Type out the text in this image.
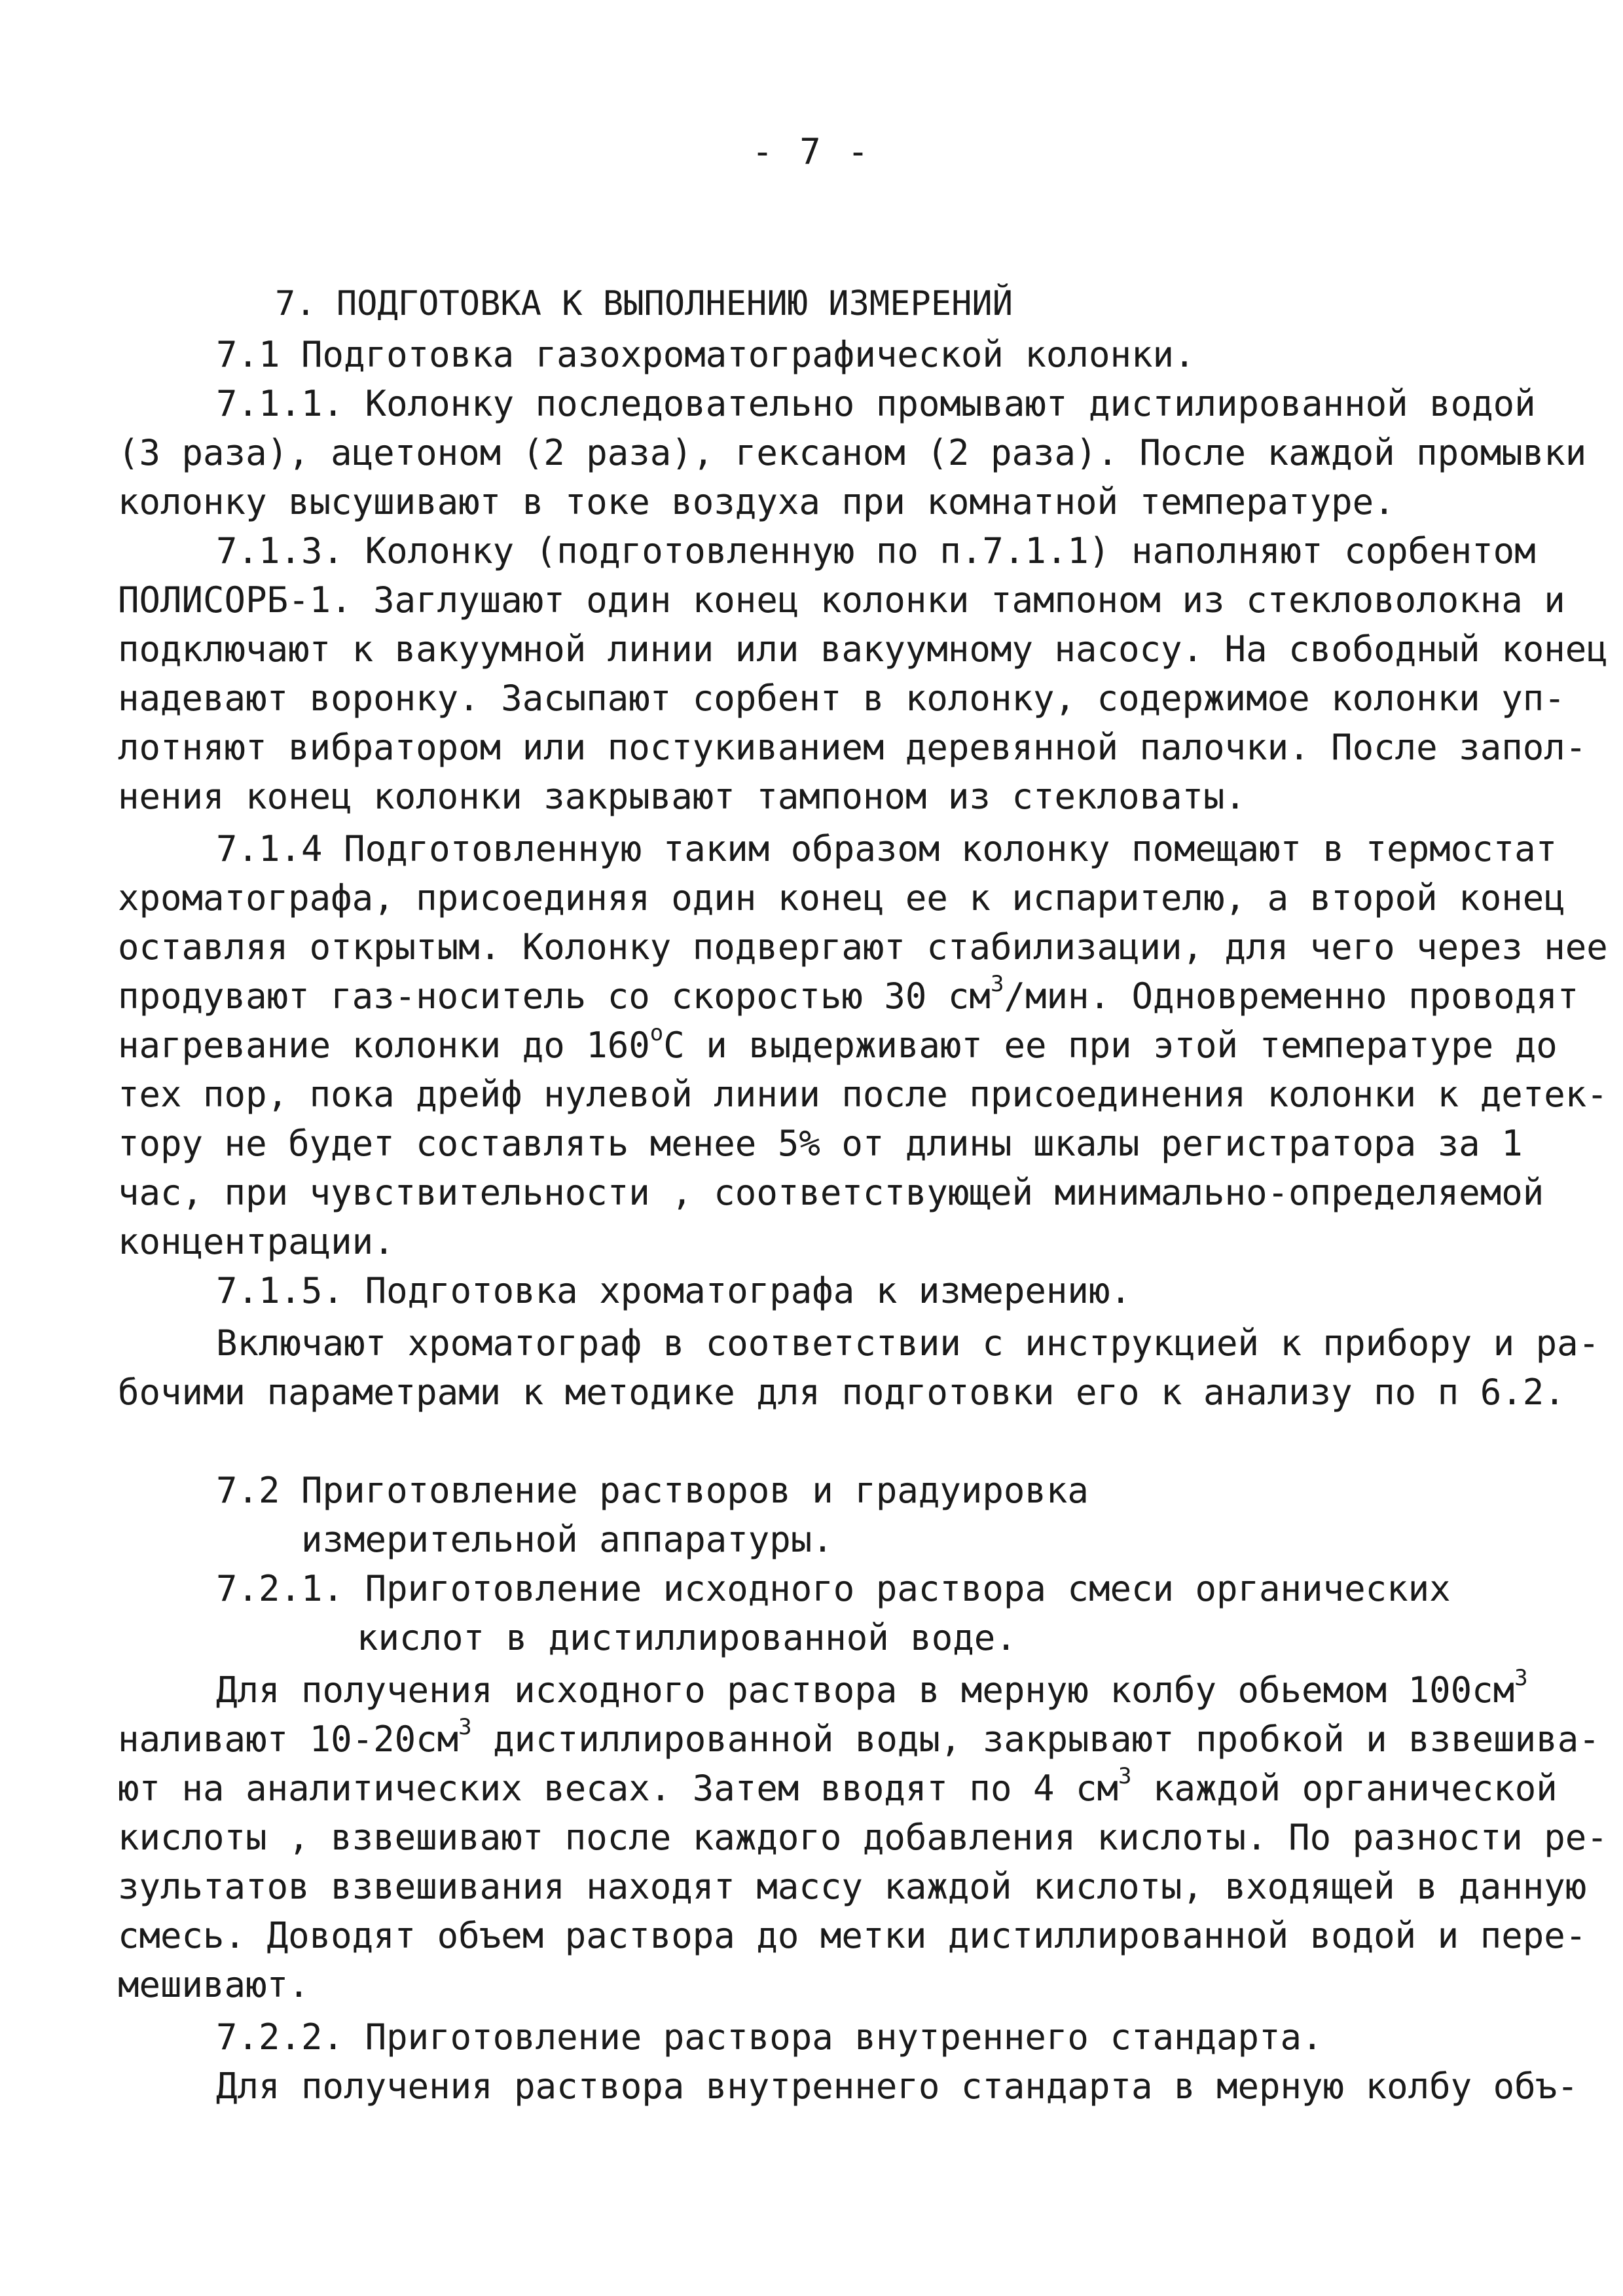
- 7 -
7. ПОДГОТОВКА К ВЫПОЛНЕНИЮ ИЗМЕРЕНИЙ
7.1 Подготовка газохроматографической колонки.
7.1.1. Колонку последовательно промывают дистилированной водой
(3 раза), ацетоном (2 раза), гексаном (2 раза). После каждой промывки
колонку высушивают в токе воздуха при комнатной температуре.
7.1.3. Колонку (подготовленную по п.7.1.1) наполняют сорбентом
ПОЛИСОРБ-1. Заглушают один конец колонки тампоном из стекловолокна и
подключают к вакуумной линии или вакуумному насосу. На свободный конец
надевают воронку. Засыпают сорбент в колонку, содержимое колонки уп-
лотняют вибратором или постукиванием деревянной палочки. После запол-
нения конец колонки закрывают тампоном из стекловаты.
7.1.4 Подготовленную таким образом колонку помещают в термостат
хроматографа, присоединяя один конец ее к испарителю, а второй конец
оставляя открытым. Колонку подвергают стабилизации, для чего через нее
продувают газ-носитель со скоростью 30 $см^3$/мин. Одновременно проводят
нагревание колонки до $160^оС$ и выдерживают ее при этой температуре до
тех пор, пока дрейф нулевой линии после присоединения колонки к детек-
тору не будет составлять менее 5% от длины шкалы регистратора за 1
час, при чувствительности , соответствующей минимально-определяемой
концентрации.
7.1.5. Подготовка хроматографа к измерению.
Включают хроматограф в соответствии с инструкцией к прибору и ра-
бочими параметрами к методике для подготовки его к анализу по п 6.2.
7.2 Приготовление растворов и градуировка
измерительной аппаратуры.
7.2.1. Приготовление исходного раствора смеси органических
кислот в дистиллированной воде.
Для получения исходного раствора в мерную колбу обьемом $100см^3$
наливают $10-20см^3$ дистиллированной воды, закрывают пробкой и взвешива-
ют на аналитических весах. Затем вводят по 4 $см^3$ каждой органической
кислоты , взвешивают после каждого добавления кислоты. По разности ре-
зультатов взвешивания находят массу каждой кислоты, входящей в данную
смесь. Доводят объем раствора до метки дистиллированной водой и пере-
мешивают.
7.2.2. Приготовление раствора внутреннего стандарта.
Для получения раствора внутреннего стандарта в мерную колбу объ-
